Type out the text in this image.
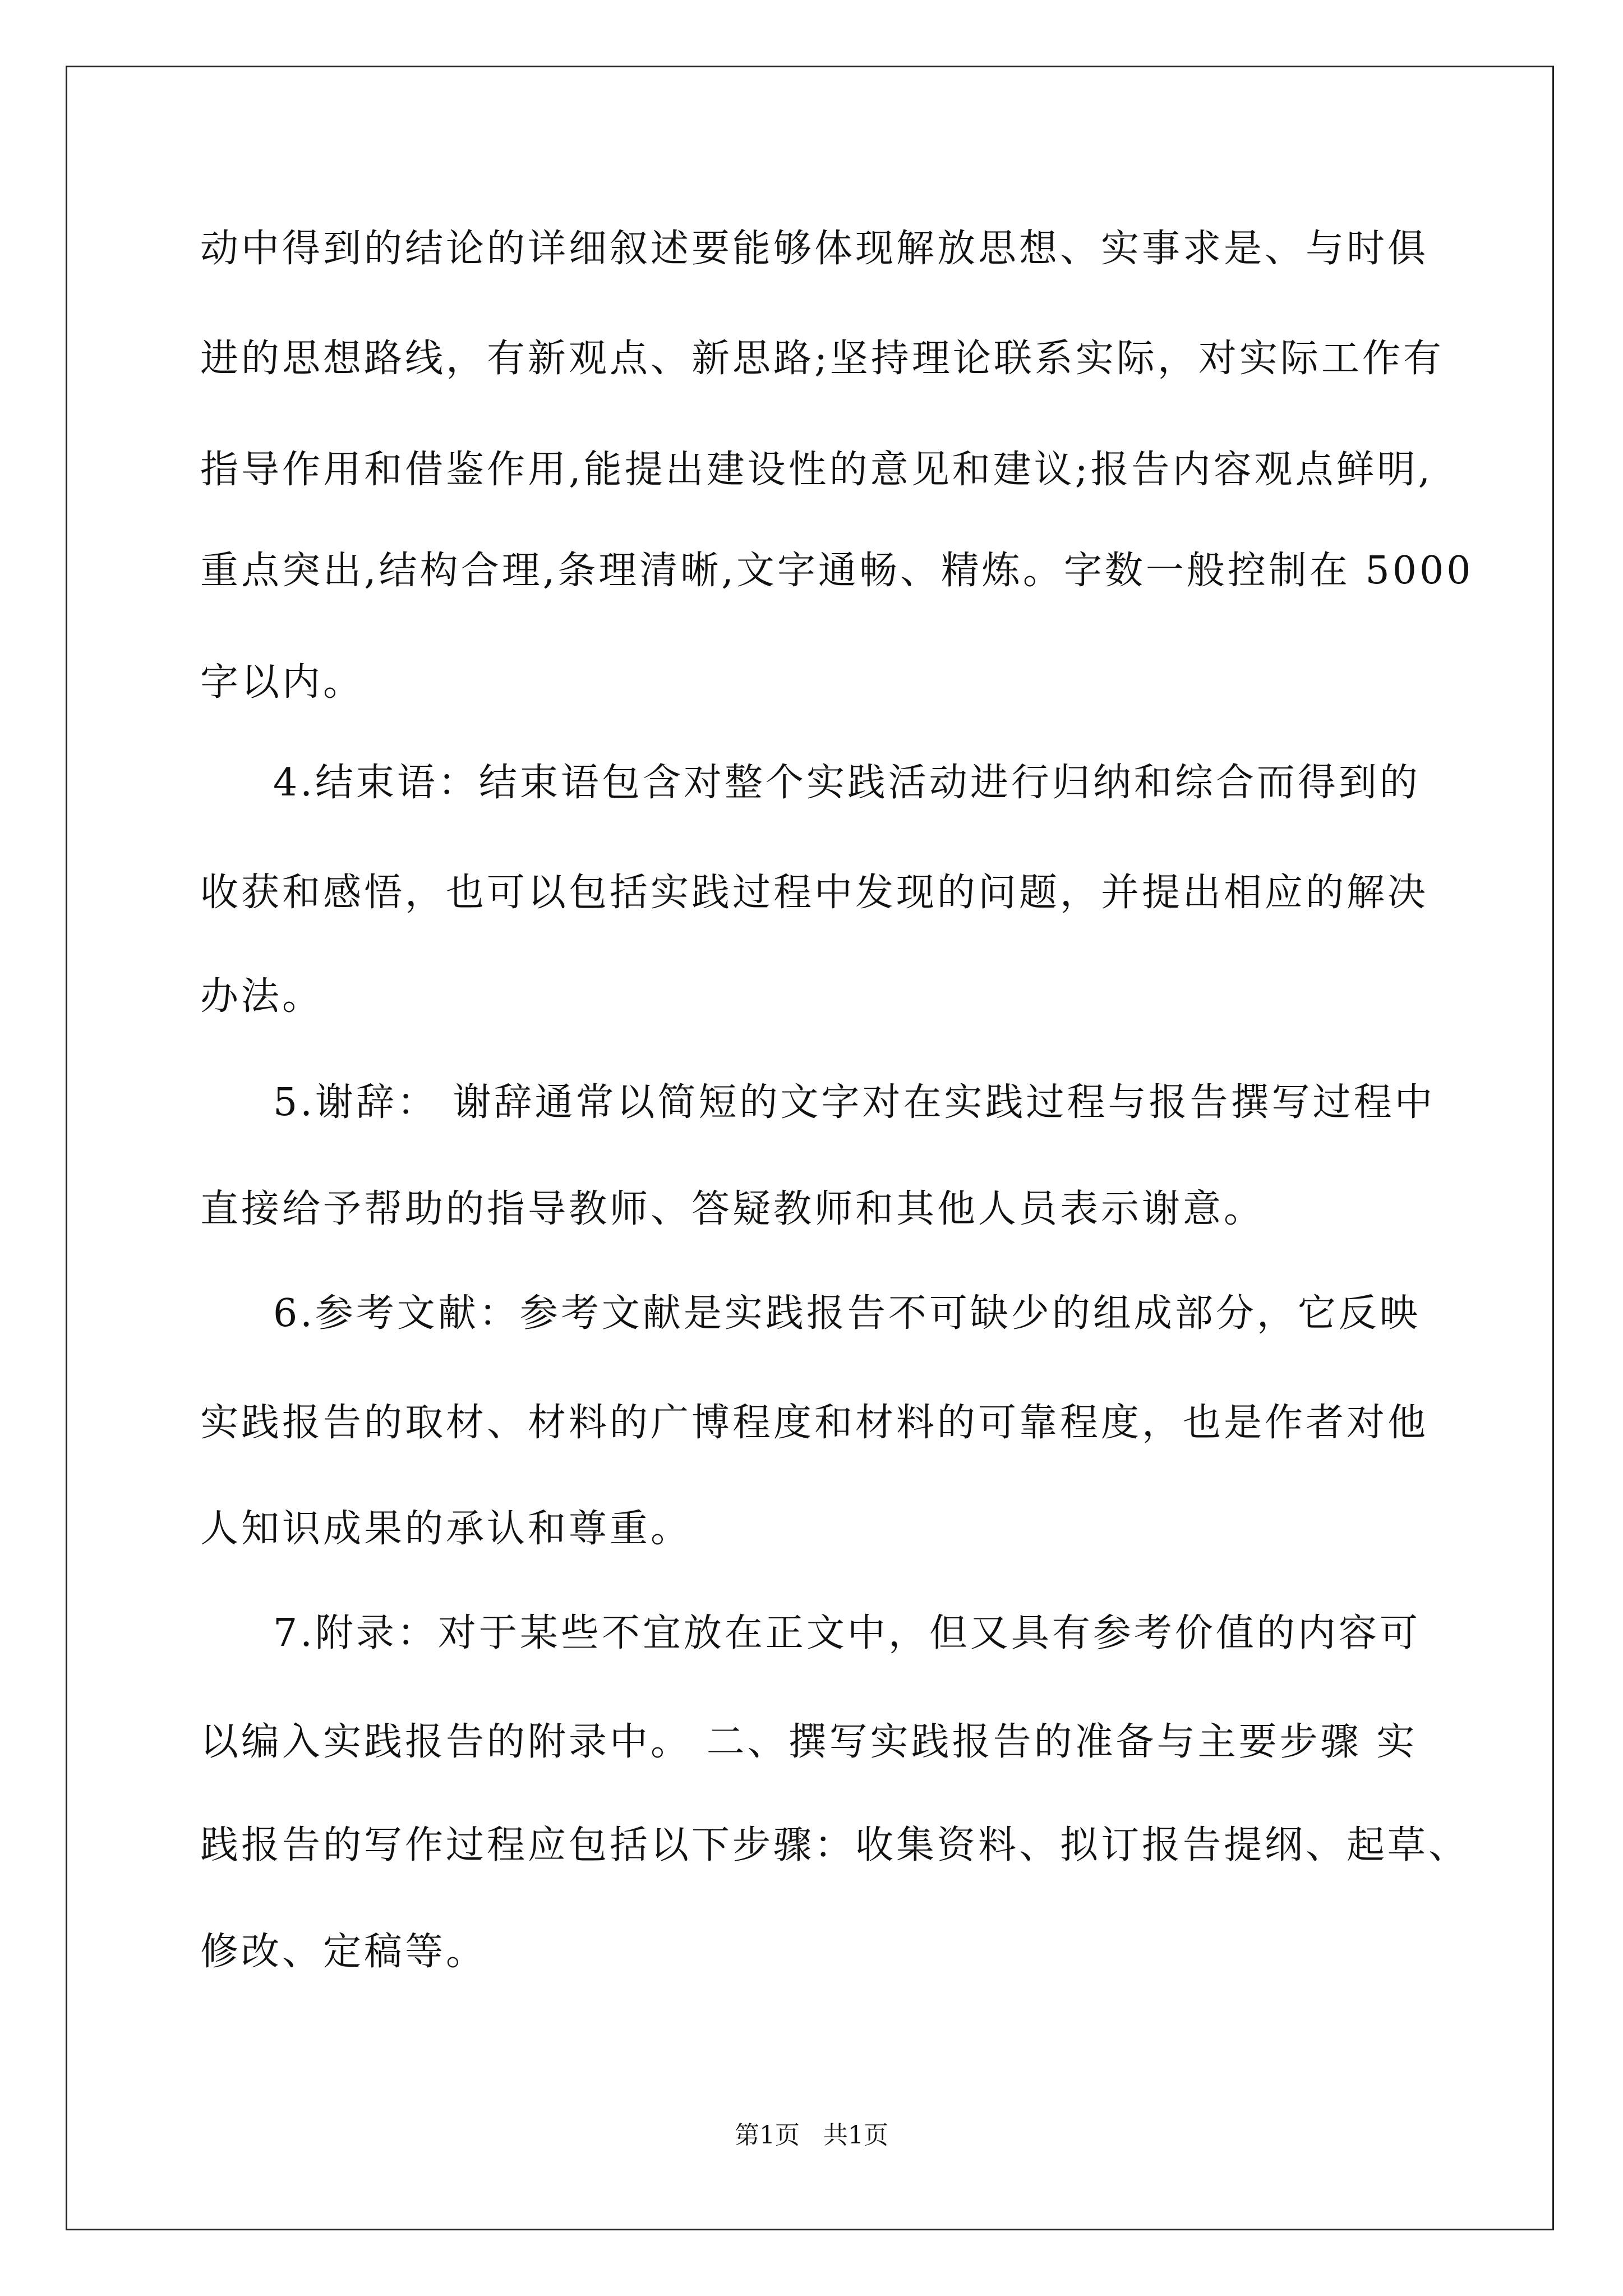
动中得到的结论的详细叙述要能够体现解放思想、实事求是、与时俱
进的思想路线，有新观点、新思路;坚持理论联系实际，对实际工作有
指导作用和借鉴作用,能提出建设性的意见和建议;报告内容观点鲜明,
重点突出,结构合理,条理清晰,文字通畅、精炼。字数一般控制在 5000
字以内。
4.结束语：结束语包含对整个实践活动进行归纳和综合而得到的
收获和感悟，也可以包括实践过程中发现的问题，并提出相应的解决
办法。
5.谢辞： 谢辞通常以简短的文字对在实践过程与报告撰写过程中
直接给予帮助的指导教师、答疑教师和其他人员表示谢意。
6.参考文献：参考文献是实践报告不可缺少的组成部分，它反映
实践报告的取材、材料的广博程度和材料的可靠程度，也是作者对他
人知识成果的承认和尊重。
7.附录：对于某些不宜放在正文中，但又具有参考价值的内容可
以编入实践报告的附录中。 二、撰写实践报告的准备与主要步骤 实
践报告的写作过程应包括以下步骤：收集资料、拟订报告提纲、起草、
修改、定稿等。
第1页   共1页
